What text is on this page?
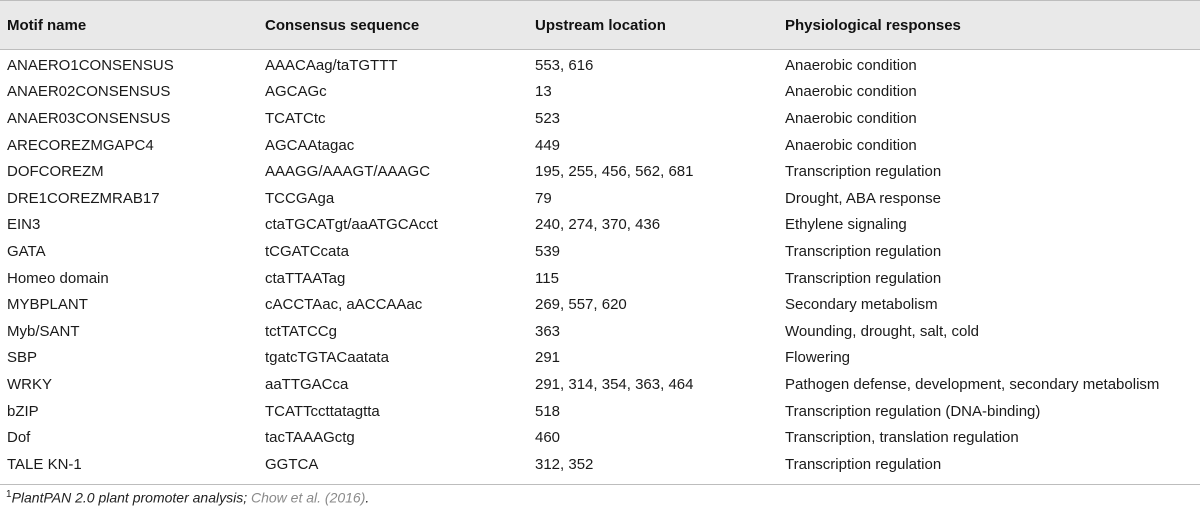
Motif name	Consensus sequence	Upstream location	Physiological responses
ANAERO1CONSENSUS	AAACAag/taTGTTT	553, 616	Anaerobic condition
ANAER02CONSENSUS	AGCAGc	13	Anaerobic condition
ANAER03CONSENSUS	TCATCtc	523	Anaerobic condition
ARECOREZMGAPC4	AGCAAtagac	449	Anaerobic condition
DOFCOREZM	AAAGG/AAAGT/AAAGC	195, 255, 456, 562, 681	Transcription regulation
DRE1COREZMRAB17	TCCGAga	79	Drought, ABA response
EIN3	ctaTGCATgt/aaATGCAcct	240, 274, 370, 436	Ethylene signaling
GATA	tCGATCcata	539	Transcription regulation
Homeo domain	ctaTTAATag	115	Transcription regulation
MYBPLANT	cACCTAac, aACCAAac	269, 557, 620	Secondary metabolism
Myb/SANT	tctTATCCg	363	Wounding, drought, salt, cold
SBP	tgatcTGTACaatata	291	Flowering
WRKY	aaTTGACca	291, 314, 354, 363, 464	Pathogen defense, development, secondary metabolism
bZIP	TCATTccttatagtta	518	Transcription regulation (DNA-binding)
Dof	tacTAAAGctg	460	Transcription, translation regulation
TALE KN-1	GGTCA	312, 352	Transcription regulation
$^1$PlantPAN 2.0 plant promoter analysis; Chow et al. (2016).
